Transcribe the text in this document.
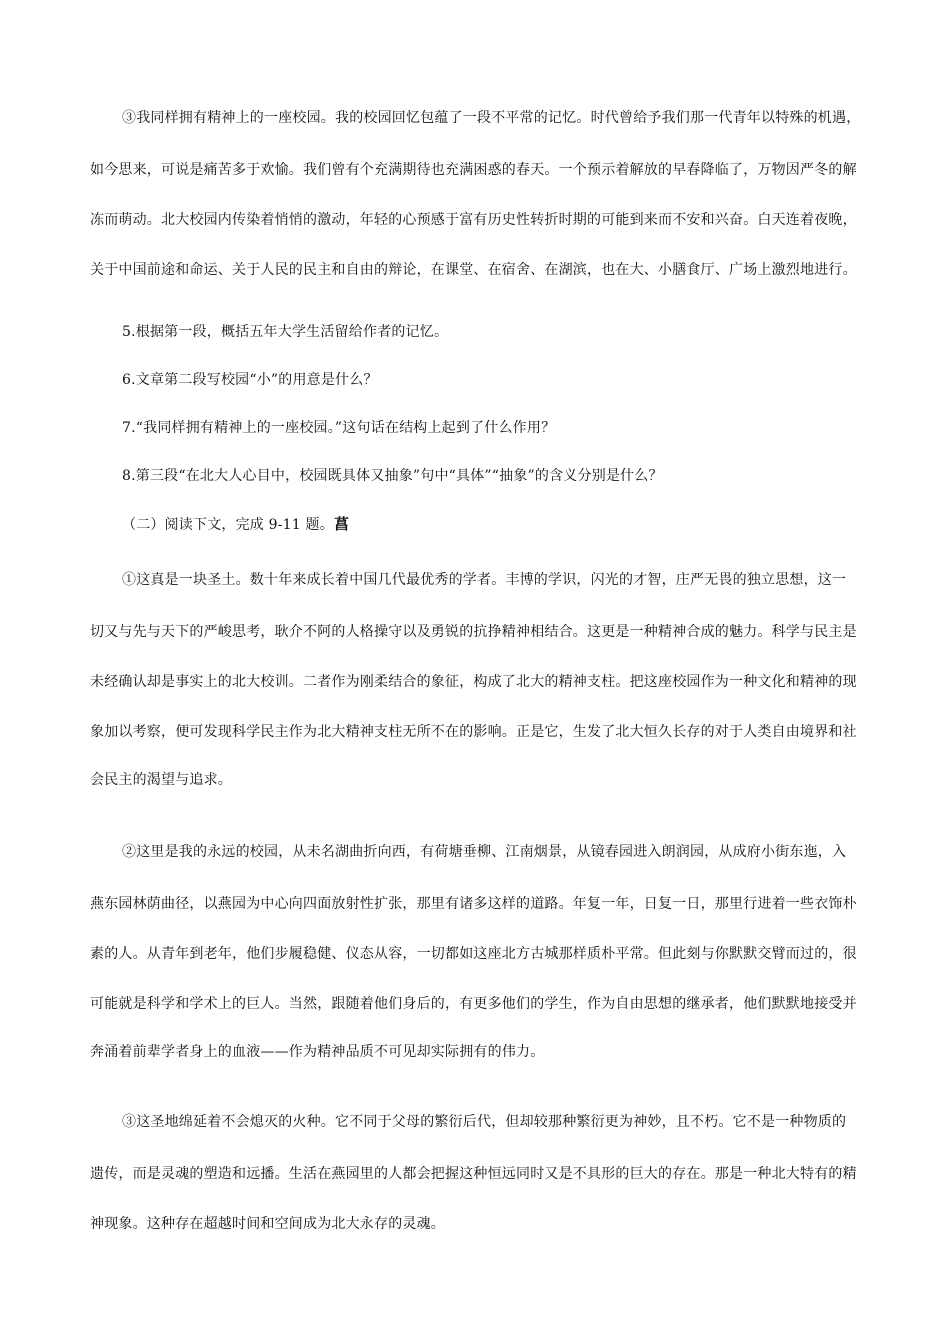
③我同样拥有精神上的一座校园。我的校园回忆包蕴了一段不平常的记忆。时代曾给予我们那一代青年以特殊的机遇，
如今思来，可说是痛苦多于欢愉。我们曾有个充满期待也充满困惑的春天。一个预示着解放的早春降临了，万物因严冬的解
冻而萌动。北大校园内传染着悄悄的激动，年轻的心预感于富有历史性转折时期的可能到来而不安和兴奋。白天连着夜晚，
关于中国前途和命运、关于人民的民主和自由的辩论，在课堂、在宿舍、在湖滨，也在大、小膳食厅、广场上激烈地进行。
5.根据第一段，概括五年大学生活留给作者的记忆。
6.文章第二段写校园“小”的用意是什么？
7.“我同样拥有精神上的一座校园。”这句话在结构上起到了什么作用？
8.第三段“在北大人心目中，校园既具体又抽象”句中“具体”“抽象”的含义分别是什么？
（二）阅读下文，完成 9-11 题。菖
①这真是一块圣土。数十年来成长着中国几代最优秀的学者。丰博的学识，闪光的才智，庄严无畏的独立思想，这一
切又与先与天下的严峻思考，耿介不阿的人格操守以及勇锐的抗挣精神相结合。这更是一种精神合成的魅力。科学与民主是
未经确认却是事实上的北大校训。二者作为刚柔结合的象征，构成了北大的精神支柱。把这座校园作为一种文化和精神的现
象加以考察，便可发现科学民主作为北大精神支柱无所不在的影响。正是它，生发了北大恒久长存的对于人类自由境界和社
会民主的渴望与追求。
②这里是我的永远的校园，从未名湖曲折向西，有荷塘垂柳、江南烟景，从镜春园进入朗润园，从成府小街东迤，入
燕东园林荫曲径，以燕园为中心向四面放射性扩张，那里有诸多这样的道路。年复一年，日复一日，那里行进着一些衣饰朴
素的人。从青年到老年，他们步履稳健、仪态从容，一切都如这座北方古城那样质朴平常。但此刻与你默默交臂而过的，很
可能就是科学和学术上的巨人。当然，跟随着他们身后的，有更多他们的学生，作为自由思想的继承者，他们默默地接受并
奔涌着前辈学者身上的血液——作为精神品质不可见却实际拥有的伟力。
③这圣地绵延着不会熄灭的火种。它不同于父母的繁衍后代，但却较那种繁衍更为神妙，且不朽。它不是一种物质的
遗传，而是灵魂的塑造和远播。生活在燕园里的人都会把握这种恒远同时又是不具形的巨大的存在。那是一种北大特有的精
神现象。这种存在超越时间和空间成为北大永存的灵魂。
